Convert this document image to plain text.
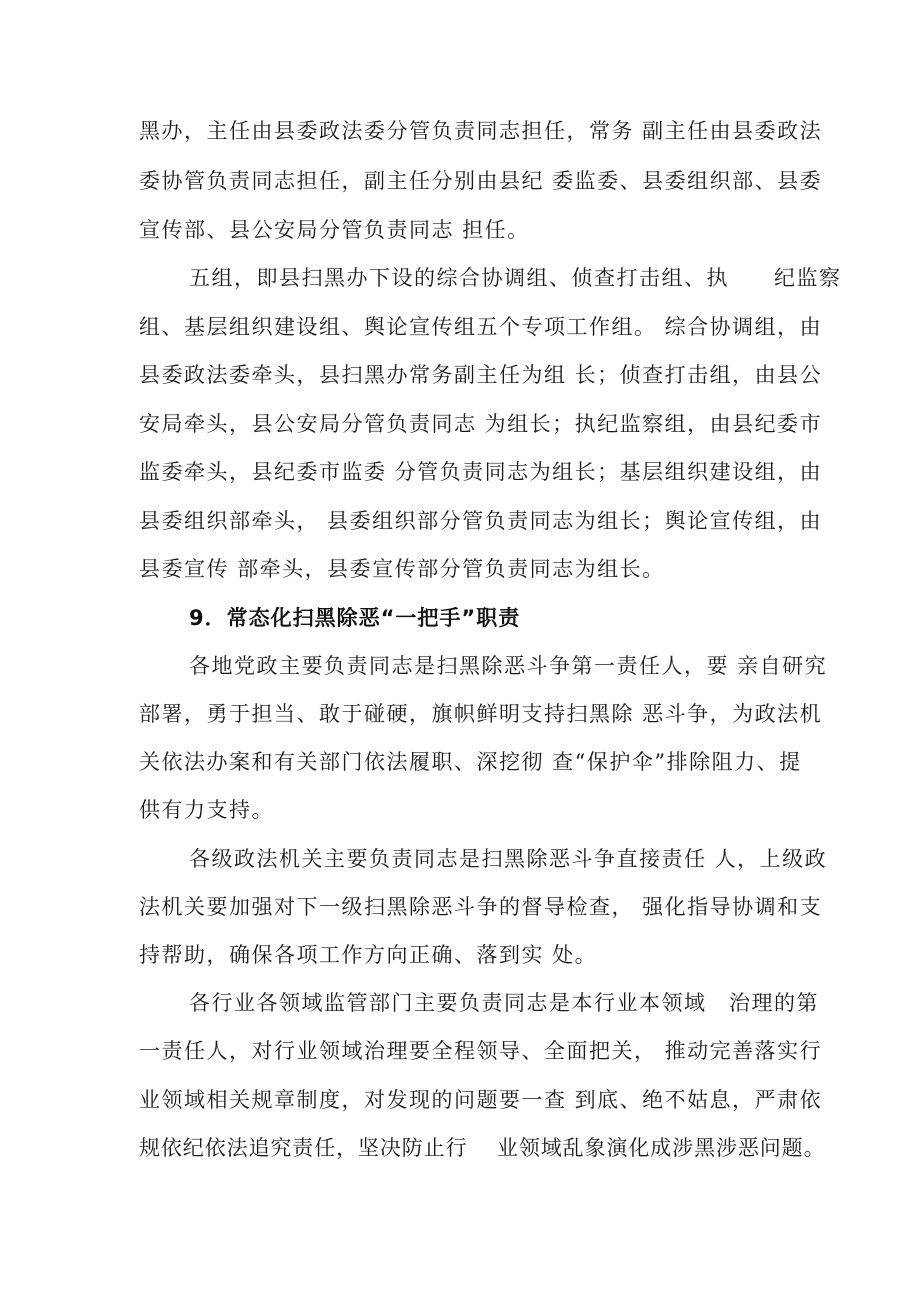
黑办，主任由县委政法委分管负责同志担任，常务 副主任由县委政法
委协管负责同志担任，副主任分别由县纪 委监委、县委组织部、县委
宣传部、县公安局分管负责同志 担任。
五组，即县扫黑办下设的综合协调组、侦查打击组、执　　纪监察
组、基层组织建设组、舆论宣传组五个专项工作组。 综合协调组，由
县委政法委牵头，县扫黑办常务副主任为组 长；侦查打击组，由县公
安局牵头，县公安局分管负责同志 为组长；执纪监察组，由县纪委市
监委牵头，县纪委市监委 分管负责同志为组长；基层组织建设组，由
县委组织部牵头， 县委组织部分管负责同志为组长；舆论宣传组，由
县委宣传 部牵头，县委宣传部分管负责同志为组长。
9．常态化扫黑除恶“一把手”职责
各地党政主要负责同志是扫黑除恶斗争第一责任人，要 亲自研究
部署，勇于担当、敢于碰硬，旗帜鲜明支持扫黑除 恶斗争，为政法机
关依法办案和有关部门依法履职、深挖彻 查“保护伞”排除阻力、提
供有力支持。
各级政法机关主要负责同志是扫黑除恶斗争直接责任 人，上级政
法机关要加强对下一级扫黑除恶斗争的督导检查， 强化指导协调和支
持帮助，确保各项工作方向正确、落到实 处。
各行业各领域监管部门主要负责同志是本行业本领域　治理的第
一责任人，对行业领域治理要全程领导、全面把关， 推动完善落实行
业领域相关规章制度，对发现的问题要一查 到底、绝不姑息，严肃依
规依纪依法追究责任，坚决防止行　 业领域乱象演化成涉黑涉恶问题。
